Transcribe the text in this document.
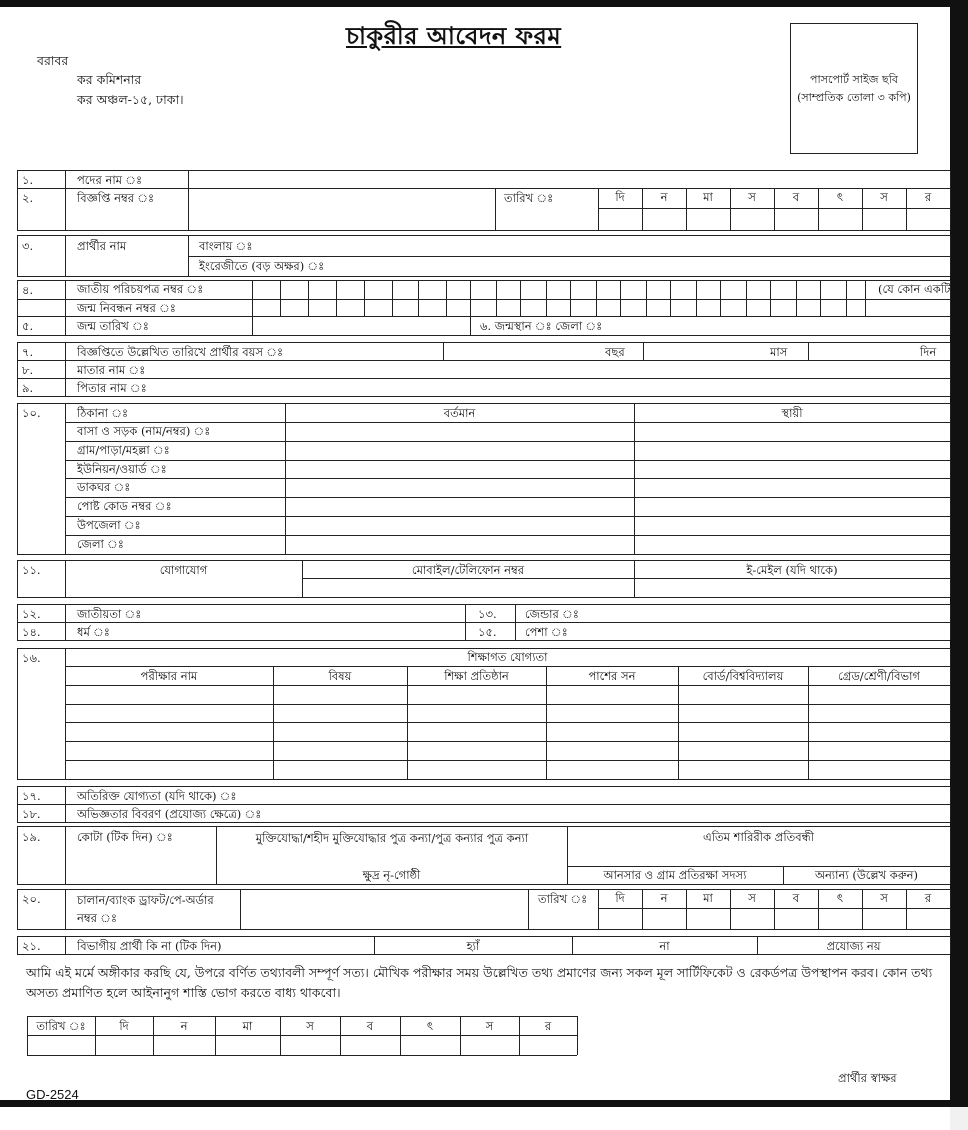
চাকুরীর আবেদন ফরম
বরাবর
কর কমিশনার
কর অঞ্চল-১৫, ঢাকা।
পাসপোর্ট সাইজ ছবি (সাম্প্রতিক তোলা ৩ কপি)
১.	পদের নাম ঃ
২.	বিজ্ঞপ্তি নম্বর ঃ	তারিখ ঃ	দি	ন	মা	স	ব	ৎ	স	র
৩.	প্রার্থীর নাম	বাংলায় ঃ
ইংরেজীতে (বড় অক্ষর) ঃ
৪.	জাতীয় পরিচয়পত্র নম্বর ঃ
জন্ম নিবন্ধন নম্বর ঃ
(যে কোন একটি)
৫.	জন্ম তারিখ ঃ	৬. জন্মস্থান ঃ জেলা ঃ
৭.	বিজ্ঞপ্তিতে উল্লেখিত তারিখে প্রার্থীর বয়স ঃ	বছর	মাস	দিন
৮.	মাতার নাম ঃ
৯.	পিতার নাম ঃ
১০.	ঠিকানা ঃ	বর্তমান	স্থায়ী
বাসা ও সড়ক (নাম/নম্বর) ঃ
গ্রাম/পাড়া/মহল্লা ঃ
ইউনিয়ন/ওয়ার্ড ঃ
ডাকঘর ঃ
পোষ্ট কোড নম্বর ঃ
উপজেলা ঃ
জেলা ঃ
১১.	যোগাযোগ	মোবাইল/টেলিফোন নম্বর	ই-মেইল (যদি থাকে)
১২.	জাতীয়তা ঃ	১৩. জেন্ডার ঃ
১৪.	ধর্ম ঃ	১৫. পেশা ঃ
১৬.	শিক্ষাগত যোগ্যতা
পরীক্ষার নাম	বিষয়	শিক্ষা প্রতিষ্ঠান	পাশের সন	বোর্ড/বিশ্ববিদ্যালয়	গ্রেড/শ্রেণী/বিভাগ
১৭.	অতিরিক্ত যোগ্যতা (যদি থাকে) ঃ
১৮.	অভিজ্ঞতার বিবরণ (প্রযোজ্য ক্ষেত্রে) ঃ
১৯.	কোটা (টিক দিন) ঃ	মুক্তিযোদ্ধা/শহীদ মুক্তিযোদ্ধার পুত্র কন্যা/পুত্র কন্যার পুত্র কন্যা
ক্ষুদ্র নৃ-গোষ্ঠী
এতিম শারিরীক প্রতিবন্ধী
আনসার ও গ্রাম প্রতিরক্ষা সদস্য	অন্যান্য (উল্লেখ করুন)
২০.	চালান/ব্যাংক ড্রাফট/পে-অর্ডার নম্বর ঃ
তারিখ ঃ	দি	ন	মা	স	ব	ৎ	স	র
২১.	বিভাগীয় প্রার্থী কি না (টিক দিন)	হ্যাঁ	না	প্রযোজ্য নয়
তারিখ ঃ	দি	ন	মা	স	ব	ৎ	স	র
আমি এই মর্মে অঙ্গীকার করছি যে, উপরে বর্ণিত তথ্যাবলী সম্পূর্ণ সত্য। মৌখিক পরীক্ষার সময় উল্লেখিত তথ্য প্রমাণের জন্য সকল মূল সার্টিফিকেট ও রেকর্ডপত্র উপস্থাপন করব। কোন তথ্য অসত্য প্রমাণিত হলে আইনানুগ শাস্তি ভোগ করতে বাধ্য থাকবো।
প্রার্থীর স্বাক্ষর
GD-2524
